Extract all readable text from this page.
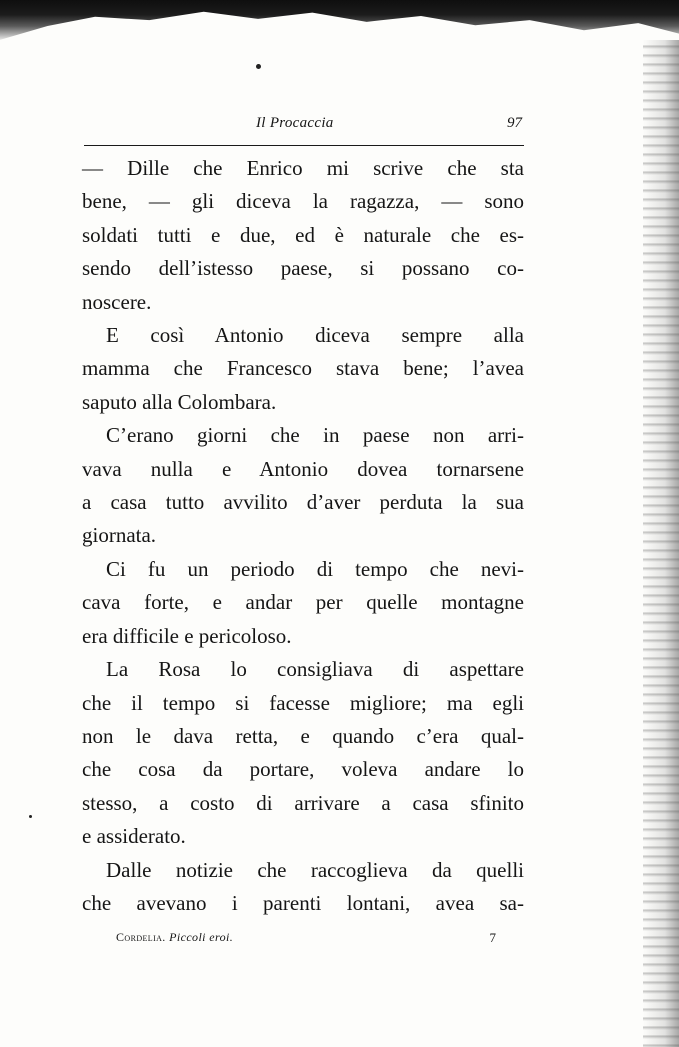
Il Procaccia	97

— Dille che Enrico mi scrive che sta
bene, — gli diceva la ragazza, — sono
soldati tutti e due, ed è naturale che es-
sendo dell’istesso paese, si possano co-
noscere.

E così Antonio diceva sempre alla
mamma che Francesco stava bene; l’avea
saputo alla Colombara.

C’erano giorni che in paese non arri-
vava nulla e Antonio dovea tornarsene
a casa tutto avvilito d’aver perduta la sua
giornata.

Ci fu un periodo di tempo che nevi-
cava forte, e andar per quelle montagne
era difficile e pericoloso.

La Rosa lo consigliava di aspettare
che il tempo si facesse migliore; ma egli
non le dava retta, e quando c’era qual-
che cosa da portare, voleva andare lo
stesso, a costo di arrivare a casa sfinito
e assiderato.

Dalle notizie che raccoglieva da quelli
che avevano i parenti lontani, avea sa-

Cordelia. Piccoli eroi.	7
